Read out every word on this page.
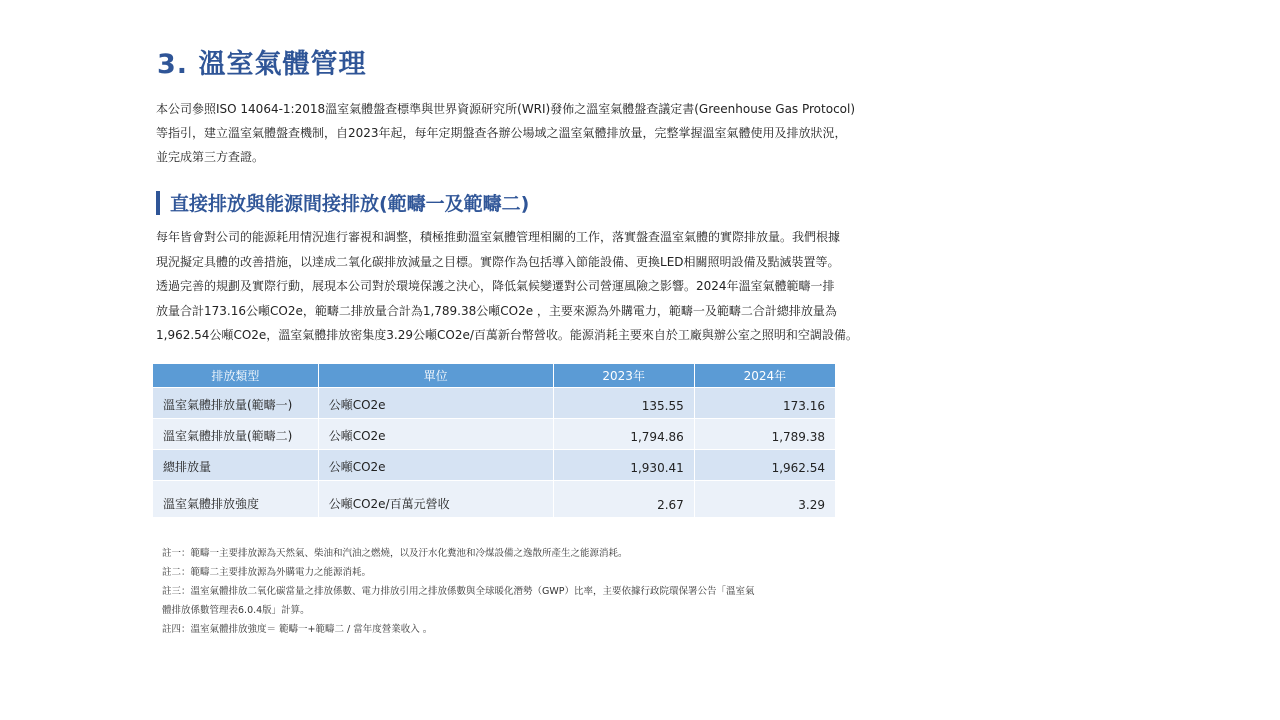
3. 溫室氣體管理

本公司參照ISO 14064-1:2018溫室氣體盤查標準與世界資源研究所(WRI)發佈之溫室氣體盤查議定書(Greenhouse Gas Protocol)
等指引，建立溫室氣體盤查機制，自2023年起，每年定期盤查各辦公場域之溫室氣體排放量，完整掌握溫室氣體使用及排放狀況，
並完成第三方查證。

直接排放與能源間接排放(範疇一及範疇二)

每年皆會對公司的能源耗用情況進行審視和調整，積極推動溫室氣體管理相關的工作，落實盤查溫室氣體的實際排放量。我們根據
現況擬定具體的改善措施，以達成二氧化碳排放減量之目標。實際作為包括導入節能設備、更換LED相關照明設備及點滅裝置等。
透過完善的規劃及實際行動，展現本公司對於環境保護之決心，降低氣候變遷對公司營運風險之影響。2024年溫室氣體範疇一排
放量合計173.16公噸CO2e，範疇二排放量合計為1,789.38公噸CO2e ，主要來源為外購電力，範疇一及範疇二合計總排放量為
1,962.54公噸CO2e，溫室氣體排放密集度3.29公噸CO2e/百萬新台幣營收。能源消耗主要來自於工廠與辦公室之照明和空調設備。

排放類型	單位	2023年	2024年
溫室氣體排放量(範疇一)	公噸CO2e	135.55	173.16
溫室氣體排放量(範疇二)	公噸CO2e	1,794.86	1,789.38
總排放量	公噸CO2e	1,930.41	1,962.54
溫室氣體排放強度	公噸CO2e/百萬元營收	2.67	3.29

註一：範疇一主要排放源為天然氣、柴油和汽油之燃燒，以及汙水化糞池和冷煤設備之逸散所產生之能源消耗。
註二：範疇二主要排放源為外購電力之能源消耗。
註三：溫室氣體排放二氧化碳當量之排放係數、電力排放引用之排放係數與全球暖化潛勢（GWP）比率，主要依據行政院環保署公告「溫室氣
體排放係數管理表6.0.4版」計算。
註四：溫室氣體排放強度＝ 範疇一+範疇二 / 當年度營業收入 。
